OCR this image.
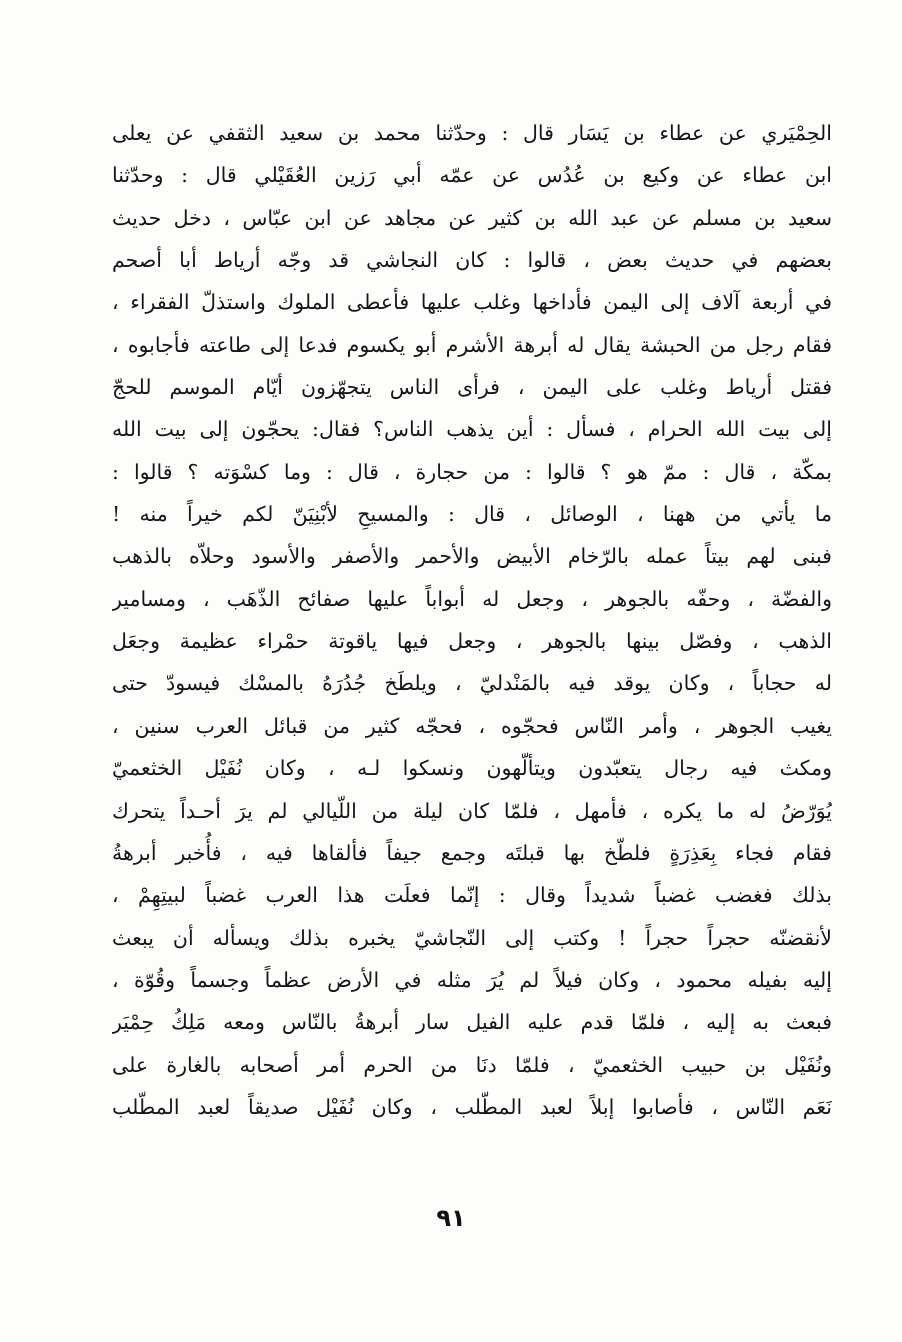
الحِمْيَري عن عطاء بن يَسَار قال : وحدّثنا محمد بن سعيد الثقفي عن يعلى
ابن عطاء عن وكيع بن عُدُس عن عمّه أبي رَزين العُقَيْلي قال : وحدّثنا
سعيد بن مسلم عن عبد الله بن كثير عن مجاهد عن ابن عبّاس ، دخل حديث
بعضهم في حديث بعض ، قالوا : كان النجاشي قد وجّه أرياط أبا أصحم
في أربعة آلاف إلى اليمن فأداخها وغلب عليها فأعطى الملوك واستذلّ الفقراء ،
فقام رجل من الحبشة يقال له أبرهة الأشرم أبو يكسوم فدعا إلى طاعته فأجابوه ،
فقتل أرياط وغلب على اليمن ، فرأى الناس يتجهّزون أيّام الموسم للحجّ
إلى بيت الله الحرام ، فسأل : أين يذهب الناس؟ فقال: يحجّون إلى بيت الله
بمكّة ، قال : ممّ هو ؟ قالوا : من حجارة ، قال : وما كسْوَته ؟ قالوا :
ما يأتي من ههنا ، الوصائل ، قال : والمسيحِ لأبْنِيَنّ لكم خيراً منه !
فبنى لهم بيتاً عمله بالرّخام الأبيض والأحمر والأصفر والأسود وحلاّه بالذهب
والفضّة ، وحفّه بالجوهر ، وجعل له أبواباً عليها صفائح الذّهَب ، ومسامير
الذهب ، وفصّل بينها بالجوهر ، وجعل فيها ياقوتة حمْراء عظيمة وجعَل
له حجاباً ، وكان يوقد فيه بالمَنْدليّ ، ويلطَخ جُدُرَهُ بالمسْك فيسودّ حتى
يغيب الجوهر ، وأمر النّاس فحجّوه ، فحجّه كثير من قبائل العرب سنين ،
ومكث فيه رجال يتعبّدون ويتألّهون ونسكوا لـه ، وكان نُفَيْل الخثعميّ
يُوَرّضُ له ما يكره ، فأمهل ، فلمّا كان ليلة من اللّيالي لم يرَ أحـداً يتحرك
فقام فجاء بِعَذِرَةٍ فلطّخ بها قبلتَه وجمع جيفاً فألقاها فيه ، فأُخبر أبرهةُ
بذلك فغضب غضباً شديداً وقال : إنّما فعلَت هذا العرب غضباً لبيتِهِمْ ،
لأنقضنّه حجراً حجراً ! وكتب إلى النّجاشيّ يخبره بذلك ويسأله أن يبعث
إليه بفيله محمود ، وكان فيلاً لم يُرَ مثله في الأرض عظماً وجسماً وقُوّة ،
فبعث به إليه ، فلمّا قدم عليه الفيل سار أبرهةُ بالنّاس ومعه مَلِكُ حِمْيَر
ونُفَيْل بن حبيب الخثعميّ ، فلمّا دنَا من الحرم أمر أصحابه بالغارة على
نَعَم النّاس ، فأصابوا إبلاً لعبد المطّلب ، وكان نُفَيْل صديقاً لعبد المطّلب
٩١
